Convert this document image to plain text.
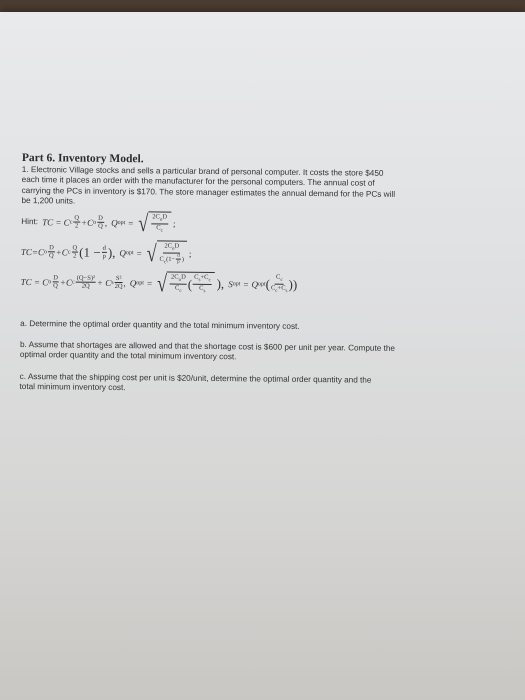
Part 6. Inventory Model.
1. Electronic Village stocks and sells a particular brand of personal computer. It costs the store $450
each time it places an order with the manufacturer for the personal computers. The annual cost of
carrying the PCs in inventory is $170. The store manager estimates the annual demand for the PCs will
be 1,200 units.
Hint: TC = C c $\frac{Q}{2} +C$ o $\frac{D}{Q}$ , Q opt = √ $\frac{2C_oD}{C_c}$ ;
TC=C o $\frac{D}{Q} +C$ c $\frac{Q}{2} (1 - \frac{d}{p}$ ), Q opt = √ $\frac{2C_oD}{C_c(1- \frac{d}{p} )}$ ;
TC = C o $\frac{D}{Q} +C$ c $\frac{\text{(Q−S)²}}{2Q} + C$ s $\frac{\text{S²}}{2Q}$ , Q opt = √ $\frac{2C_oD}{C_c}$ ( $\frac{C_s+C_c}{C_s}$ ), S opt = Q opt ( $\frac{C_c}{C_c+C_s}$ ))
a. Determine the optimal order quantity and the total minimum inventory cost.
b. Assume that shortages are allowed and that the shortage cost is $600 per unit per year. Compute the
optimal order quantity and the total minimum inventory cost.
c. Assume that the shipping cost per unit is $20/unit, determine the optimal order quantity and the
total minimum inventory cost.
